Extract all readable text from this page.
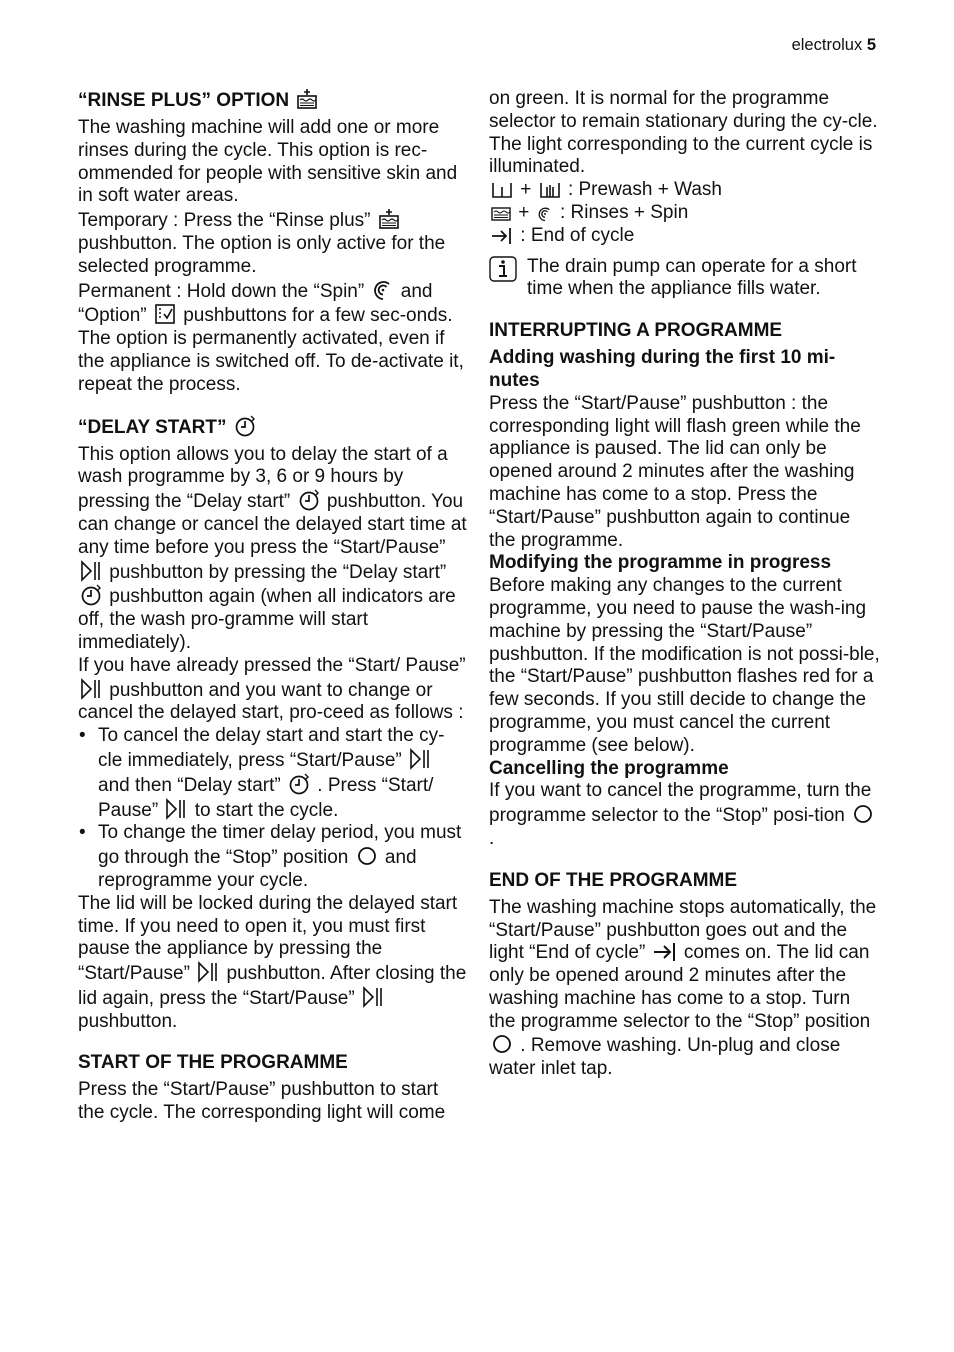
electrolux 5
“RINSE PLUS” OPTION

The washing machine will add one or more rinses during the cycle. This option is rec-ommended for people with sensitive skin and in soft water areas.

Temporary : Press the “Rinse plus”
pushbutton. The option is only active for the selected programme.

Permanent : Hold down the “Spin” and “Option” pushbuttons for a few sec-onds. The option is permanently activated, even if the appliance is switched off. To de-activate it, repeat the process.

“DELAY START”

This option allows you to delay the start of a wash programme by 3, 6 or 9 hours by pressing the “Delay start” pushbutton. You can change or cancel the delayed start time at any time before you press the “Start/Pause”
pushbutton by pressing the “Delay start”
pushbutton again (when all indicators are off, the wash pro-gramme will start immediately).

If you have already pressed the “Start/ Pause”
pushbutton and you want to change or cancel the delayed start, pro-ceed as follows :

• To cancel the delay start and start the cy-cle immediately, press “Start/Pause”
and then “Delay start” . Press “Start/ Pause” to start the cycle.
• To change the timer delay period, you must go through the “Stop” position and reprogramme your cycle.

The lid will be locked during the delayed start time. If you need to open it, you must first pause the appliance by pressing the “Start/Pause” pushbutton. After closing the lid again, press the “Start/Pause”
pushbutton.

START OF THE PROGRAMME

Press the “Start/Pause” pushbutton to start the cycle. The corresponding light will come

on green. It is normal for the programme selector to remain stationary during the cy-cle. The light corresponding to the current cycle is illuminated.

+ : Prewash + Wash

+ : Rinses + Spin

: End of cycle

The drain pump can operate for a short time when the appliance fills water.

INTERRUPTING A PROGRAMME
Adding washing during the first 10 mi-nutes

Press the “Start/Pause” pushbutton : the corresponding light will flash green while the appliance is paused. The lid can only be opened around 2 minutes after the washing machine has come to a stop. Press the “Start/Pause” pushbutton again to continue the programme.

Modifying the programme in progress

Before making any changes to the current programme, you need to pause the wash-ing machine by pressing the “Start/Pause” pushbutton. If the modification is not possi-ble, the “Start/Pause” pushbutton flashes red for a few seconds. If you still decide to change the programme, you must cancel the current programme (see below).

Cancelling the programme

If you want to cancel the programme, turn the programme selector to the “Stop” posi-tion
.

END OF THE PROGRAMME

The washing machine stops automatically, the “Start/Pause” pushbutton goes out and the light “End of cycle” comes on. The lid can only be opened around 2 minutes after the washing machine has come to a stop. Turn the programme selector to the “Stop” position
. Remove washing. Un-plug and close water inlet tap.
